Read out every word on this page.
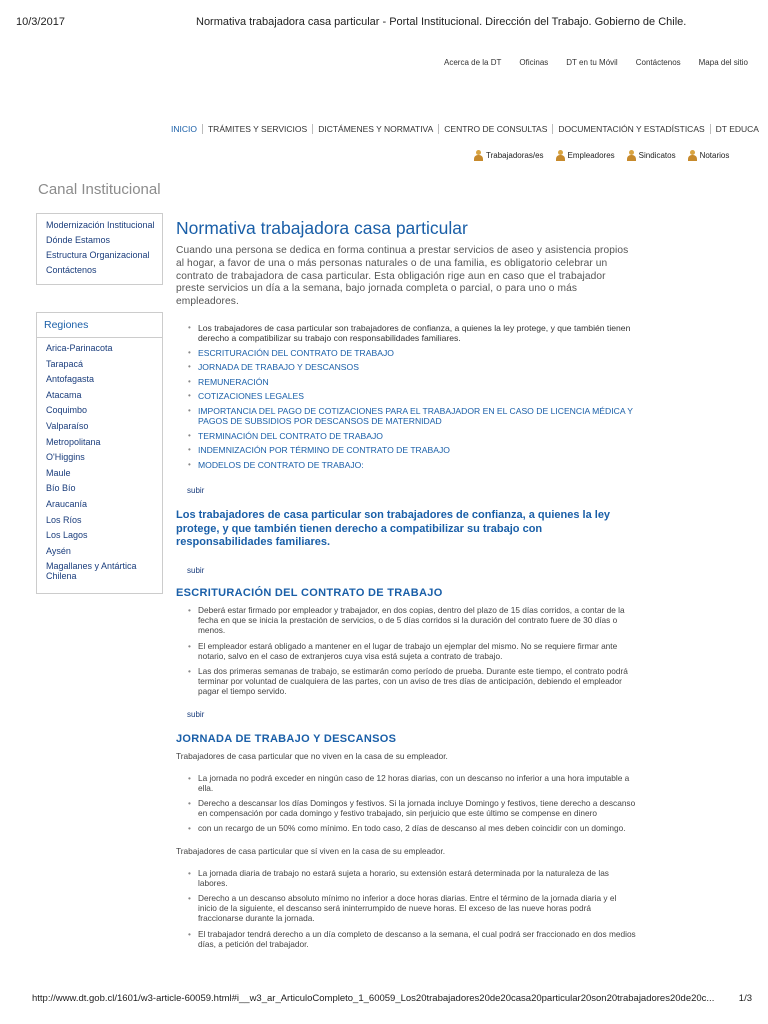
10/3/2017	Normativa trabajadora casa particular - Portal Institucional. Dirección del Trabajo. Gobierno de Chile.
Acerca de la DT Oficinas DT en tu Móvil Contáctenos Mapa del sitio
INICIO	TRÁMITES Y SERVICIOS	DICTÁMENES Y NORMATIVA	CENTRO DE CONSULTAS	DOCUMENTACIÓN Y ESTADÍSTICAS	DT EDUCA
Trabajadoras/es	Empleadores	Sindicatos	Notarios
Canal Institucional
Modernización Institucional
Dónde Estamos
Estructura Organizacional
Contáctenos
Regiones
Arica-Parinacota
Tarapacá
Antofagasta
Atacama
Coquimbo
Valparaíso
Metropolitana
O'Higgins
Maule
Bío Bío
Araucanía
Los Ríos
Los Lagos
Aysén
Magallanes y Antártica Chilena
Normativa trabajadora casa particular

Cuando una persona se dedica en forma continua a prestar servicios de aseo y asistencia propios al hogar, a favor de una o más personas naturales o de una familia, es obligatorio celebrar un contrato de trabajadora de casa particular. Esta obligación rige aun en caso que el trabajador preste servicios un día a la semana, bajo jornada completa o parcial, o para uno o más empleadores.

• Los trabajadores de casa particular son trabajadores de confianza, a quienes la ley protege, y que también tienen derecho a compatibilizar su trabajo con responsabilidades familiares.
• ESCRITURACIÓN DEL CONTRATO DE TRABAJO
• JORNADA DE TRABAJO Y DESCANSOS
• REMUNERACIÓN
• COTIZACIONES LEGALES
• IMPORTANCIA DEL PAGO DE COTIZACIONES PARA EL TRABAJADOR EN EL CASO DE LICENCIA MÉDICA Y PAGOS DE SUBSIDIOS POR DESCANSOS DE MATERNIDAD
• TERMINACIÓN DEL CONTRATO DE TRABAJO
• INDEMNIZACIÓN POR TÉRMINO DE CONTRATO DE TRABAJO
• MODELOS DE CONTRATO DE TRABAJO:
subir

Los trabajadores de casa particular son trabajadores de confianza, a quienes la ley protege, y que también tienen derecho a compatibilizar su trabajo con responsabilidades familiares.

subir
ESCRITURACIÓN DEL CONTRATO DE TRABAJO
• Deberá estar firmado por empleador y trabajador, en dos copias, dentro del plazo de 15 días corridos, a contar de la fecha en que se inicia la prestación de servicios, o de 5 días corridos si la duración del contrato fuere de 30 días o menos.
• El empleador estará obligado a mantener en el lugar de trabajo un ejemplar del mismo. No se requiere firmar ante notario, salvo en el caso de extranjeros cuya visa está sujeta a contrato de trabajo.
• Las dos primeras semanas de trabajo, se estimarán como período de prueba. Durante este tiempo, el contrato podrá terminar por voluntad de cualquiera de las partes, con un aviso de tres días de anticipación, debiendo el empleador pagar el tiempo servido.
subir
JORNADA DE TRABAJO Y DESCANSOS

Trabajadores de casa particular que no viven en la casa de su empleador.

• La jornada no podrá exceder en ningún caso de 12 horas diarias, con un descanso no inferior a una hora imputable a ella.
• Derecho a descansar los días Domingos y festivos. Si la jornada incluye Domingo y festivos, tiene derecho a descanso en compensación por cada domingo y festivo trabajado, sin perjuicio que este último se compense en dinero
• con un recargo de un 50% como mínimo. En todo caso, 2 días de descanso al mes deben coincidir con un domingo.

Trabajadores de casa particular que sí viven en la casa de su empleador.

• La jornada diaria de trabajo no estará sujeta a horario, su extensión estará determinada por la naturaleza de las labores.
• Derecho a un descanso absoluto mínimo no inferior a doce horas diarias. Entre el término de la jornada diaria y el inicio de la siguiente, el descanso será ininterrumpido de nueve horas. El exceso de las nueve horas podrá fraccionarse durante la jornada.
• El trabajador tendrá derecho a un día completo de descanso a la semana, el cual podrá ser fraccionado en dos medios días, a petición del trabajador.
http://www.dt.gob.cl/1601/w3-article-60059.html#i__w3_ar_ArticuloCompleto_1_60059_Los20trabajadores20de20casa20particular20son20trabajadores20de20c...	1/3
